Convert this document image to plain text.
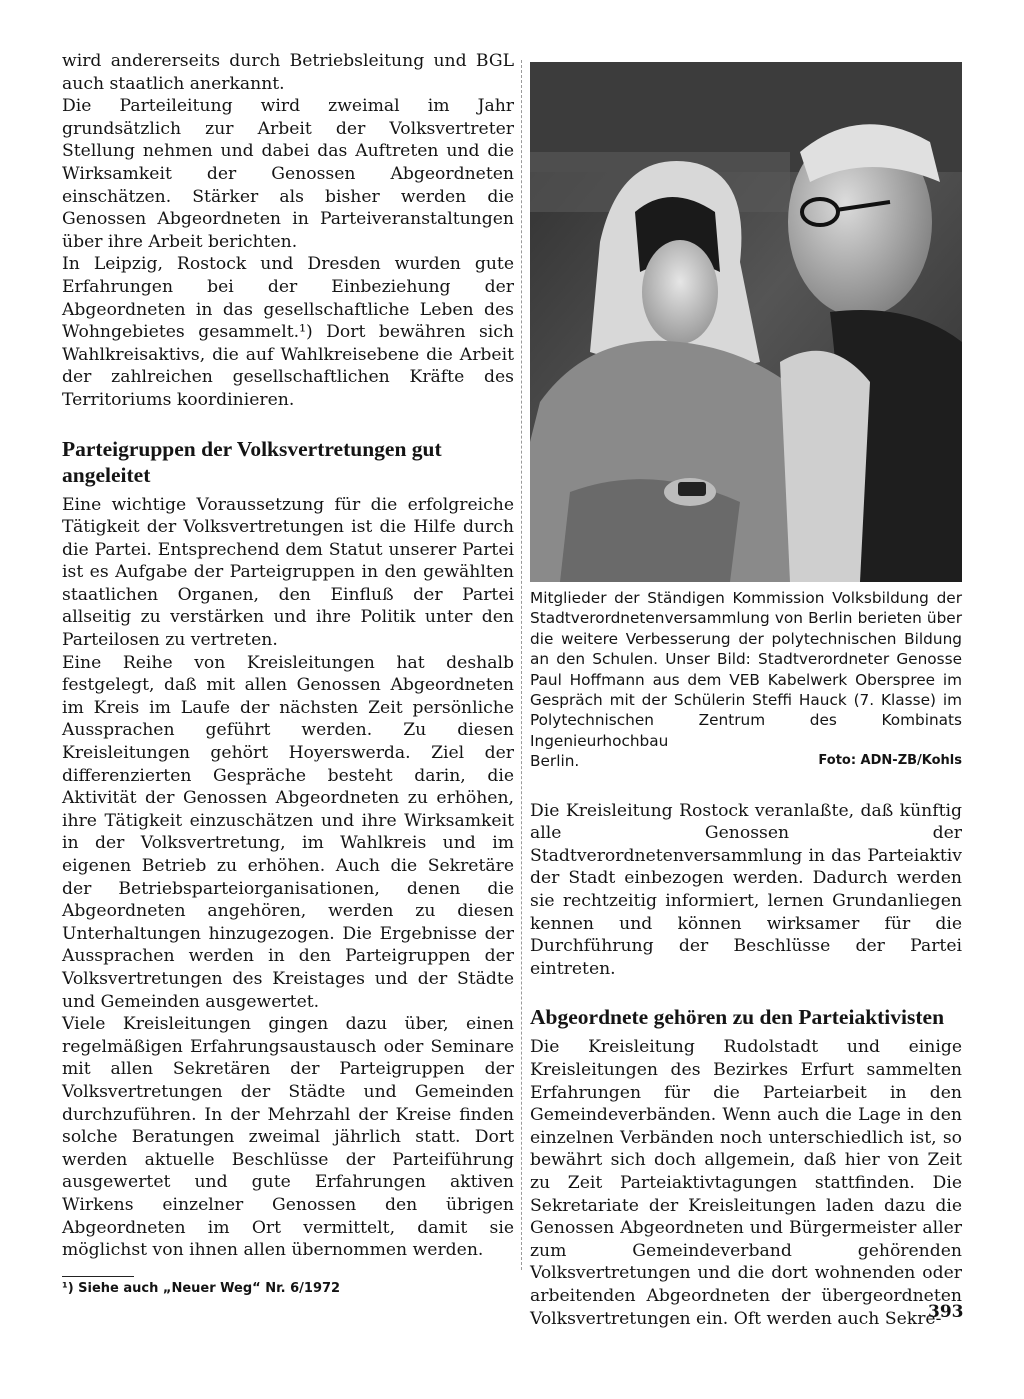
wird andererseits durch Betriebsleitung und BGL auch staatlich anerkannt.

Die Parteileitung wird zweimal im Jahr grundsätzlich zur Arbeit der Volksvertreter Stellung nehmen und dabei das Auftreten und die Wirksamkeit der Genossen Abgeordneten einschätzen. Stärker als bisher werden die Genossen Abgeordneten in Parteiveranstaltungen über ihre Arbeit berichten.

In Leipzig, Rostock und Dresden wurden gute Erfahrungen bei der Einbeziehung der Abgeordneten in das gesellschaftliche Leben des Wohngebietes gesammelt.¹) Dort bewähren sich Wahlkreisaktivs, die auf Wahlkreisebene die Arbeit der zahlreichen gesellschaftlichen Kräfte des Territoriums koordinieren.

Parteigruppen der Volksvertretungen gut angeleitet

Eine wichtige Voraussetzung für die erfolgreiche Tätigkeit der Volksvertretungen ist die Hilfe durch die Partei. Entsprechend dem Statut unserer Partei ist es Aufgabe der Parteigruppen in den gewählten staatlichen Organen, den Einfluß der Partei allseitig zu verstärken und ihre Politik unter den Parteilosen zu vertreten.

Eine Reihe von Kreisleitungen hat deshalb festgelegt, daß mit allen Genossen Abgeordneten im Kreis im Laufe der nächsten Zeit persönliche Aussprachen geführt werden. Zu diesen Kreisleitungen gehört Hoyerswerda. Ziel der differenzierten Gespräche besteht darin, die Aktivität der Genossen Abgeordneten zu erhöhen, ihre Tätigkeit einzuschätzen und ihre Wirksamkeit in der Volksvertretung, im Wahlkreis und im eigenen Betrieb zu erhöhen. Auch die Sekretäre der Betriebsparteiorganisationen, denen die Abgeordneten angehören, werden zu diesen Unterhaltungen hinzugezogen. Die Ergebnisse der Aussprachen werden in den Parteigruppen der Volksvertretungen des Kreistages und der Städte und Gemeinden ausgewertet.

Viele Kreisleitungen gingen dazu über, einen regelmäßigen Erfahrungsaustausch oder Seminare mit allen Sekretären der Parteigruppen der Volksvertretungen der Städte und Gemeinden durchzuführen. In der Mehrzahl der Kreise finden solche Beratungen zweimal jährlich statt. Dort werden aktuelle Beschlüsse der Parteiführung ausgewertet und gute Erfahrungen aktiven Wirkens einzelner Genossen den übrigen Abgeordneten im Ort vermittelt, damit sie möglichst von ihnen allen übernommen werden.

¹) Siehe auch „Neuer Weg“ Nr. 6/1972

Mitglieder der Ständigen Kommission Volksbildung der Stadtverordnetenversammlung von Berlin berieten über die weitere Verbesserung der polytechnischen Bildung an den Schulen. Unser Bild: Stadtverordneter Genosse Paul Hoffmann aus dem VEB Kabelwerk Oberspree im Gespräch mit der Schülerin Steffi Hauck (7. Klasse) im Polytechnischen Zentrum des Kombinats Ingenieurhochbau

Berlin.	Foto: ADN-ZB/Kohls

Die Kreisleitung Rostock veranlaßte, daß künftig alle Genossen der Stadtverordnetenversammlung in das Parteiaktiv der Stadt einbezogen werden. Dadurch werden sie rechtzeitig informiert, lernen Grundanliegen kennen und können wirksamer für die Durchführung der Beschlüsse der Partei eintreten.

Abgeordnete gehören zu den Parteiaktivisten

Die Kreisleitung Rudolstadt und einige Kreisleitungen des Bezirkes Erfurt sammelten Erfahrungen für die Parteiarbeit in den Gemeindeverbänden. Wenn auch die Lage in den einzelnen Verbänden noch unterschiedlich ist, so bewährt sich doch allgemein, daß hier von Zeit zu Zeit Parteiaktivtagungen stattfinden. Die Sekretariate der Kreisleitungen laden dazu die Genossen Abgeordneten und Bürgermeister aller zum Gemeindeverband gehörenden Volksvertretungen und die dort wohnenden oder arbeitenden Abgeordneten der übergeordneten Volksvertretungen ein. Oft werden auch Sekre-

393
